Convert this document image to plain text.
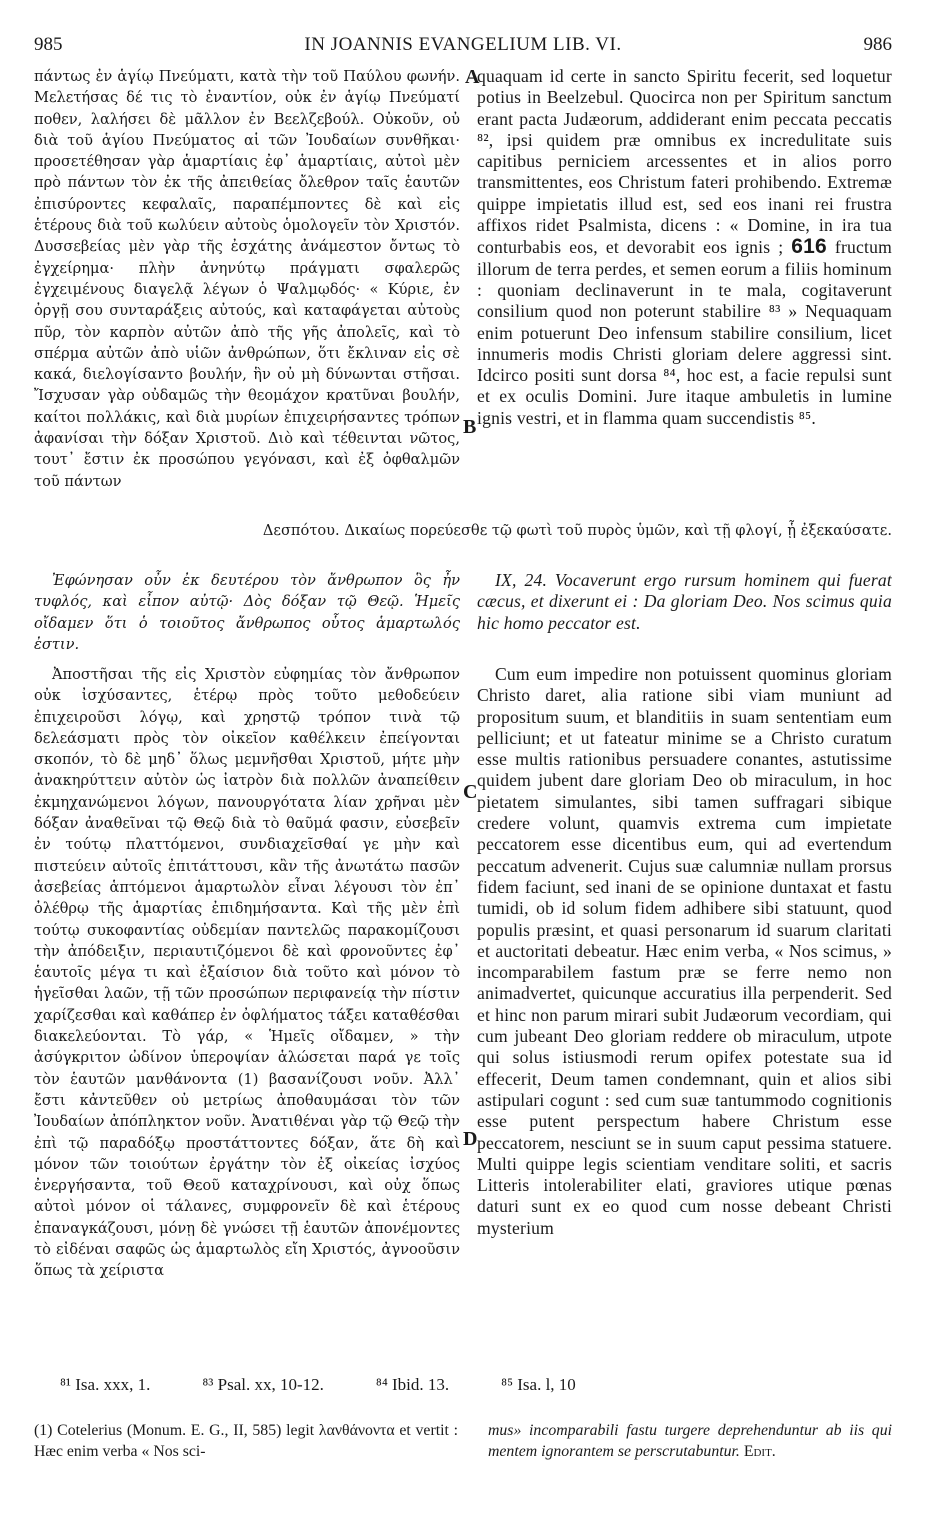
985	IN JOANNIS EVANGELIUM LIB. VI.	986

πάντως ἐν ἁγίῳ Πνεύματι, κατὰ τὴν τοῦ Παύλου φωνήν. Μελετήσας δέ τις τὸ ἐναντίον, οὐκ ἐν ἁγίῳ Πνεύματί ποθεν, λαλήσει δὲ μᾶλλον ἐν Βεελζεβούλ. Οὐκοῦν, οὐ διὰ τοῦ ἁγίου Πνεύματος αἱ τῶν Ἰουδαίων συνθῆκαι· προσετέθησαν γὰρ ἁμαρτίαις ἐφ᾽ ἁμαρτίαις, αὐτοὶ μὲν πρὸ πάντων τὸν ἐκ τῆς ἀπειθείας ὄλεθρον ταῖς ἑαυτῶν ἐπισύροντες κεφαλαῖς, παραπέμποντες δὲ καὶ εἰς ἑτέρους διὰ τοῦ κωλύειν αὐτοὺς ὁμολογεῖν τὸν Χριστόν. Δυσσεβείας μὲν γὰρ τῆς ἐσχάτης ἀνάμεστον ὄντως τὸ ἐγχείρημα· πλὴν ἀνηνύτῳ πράγματι σφαλερῶς ἐγχειμένους διαγελᾷ λέγων ὁ Ψαλμῳδός· « Κύριε, ἐν ὀργῇ σου συνταράξεις αὐτούς, καὶ καταφάγεται αὐτοὺς πῦρ, τὸν καρπὸν αὐτῶν ἀπὸ τῆς γῆς ἀπολεῖς, καὶ τὸ σπέρμα αὐτῶν ἀπὸ υἱῶν ἀνθρώπων, ὅτι ἔκλιναν εἰς σὲ κακά, διελογίσαντο βουλήν, ἣν οὐ μὴ δύνωνται στῆσαι. Ἴσχυσαν γὰρ οὐδαμῶς τὴν θεομάχον κρατῦναι βουλήν, καίτοι πολλάκις, καὶ διὰ μυρίων ἐπιχειρήσαντες τρόπων ἀφανίσαι τὴν δόξαν Χριστοῦ. Διὸ καὶ τέθεινται νῶτος, τουτ᾽ ἔστιν ἐκ προσώπου γεγόνασι, καὶ ἐξ ὀφθαλμῶν τοῦ πάντων

quaquam id certe in sancto Spiritu fecerit, sed loquetur potius in Beelzebul. Quocirca non per Spiritum sanctum erant pacta Judæorum, addiderant enim peccata peccatis ⁸², ipsi quidem præ omnibus ex incredulitate suis capitibus perniciem arcessentes et in alios porro transmittentes, eos Christum fateri prohibendo. Extremæ quippe impietatis illud est, sed eos inani rei frustra affixos ridet Psalmista, dicens : « Domine, in ira tua conturbabis eos, et devorabit eos ignis ; 616 fructum illorum de terra perdes, et semen eorum a filiis hominum : quoniam declinaverunt in te mala, cogitaverunt consilium quod non poterunt stabilire ⁸³ » Nequaquam enim potuerunt Deo infensum stabilire consilium, licet innumeris modis Christi gloriam delere aggressi sint. Idcirco positi sunt dorsa ⁸⁴, hoc est, a facie repulsi sunt et ex oculis Domini. Jure itaque ambuletis in lumine ignis vestri, et in flamma quam succendistis ⁸⁵.

Δεσπότου. Δικαίως πορεύεσθε τῷ φωτὶ τοῦ πυρὸς ὑμῶν, καὶ τῇ φλογί, ᾗ ἐξεκαύσατε.

Ἐφώνησαν οὖν ἐκ δευτέρου τὸν ἄνθρωπον ὃς ἦν τυφλός, καὶ εἶπον αὐτῷ· Δὸς δόξαν τῷ Θεῷ. Ἡμεῖς οἴδαμεν ὅτι ὁ τοιοῦτος ἄνθρωπος οὗτος ἁμαρτωλός ἐστιν.

IX, 24. Vocaverunt ergo rursum hominem qui fuerat cæcus, et dixerunt ei : Da gloriam Deo. Nos scimus quia hic homo peccator est.

Ἀποστῆσαι τῆς εἰς Χριστὸν εὐφημίας τὸν ἄνθρωπον οὐκ ἰσχύσαντες, ἑτέρῳ πρὸς τοῦτο μεθοδεύειν ἐπιχειροῦσι λόγῳ, καὶ χρηστῷ τρόπον τινὰ τῷ δελεάσματι πρὸς τὸν οἰκεῖον καθέλκειν ἐπείγονται σκοπόν, τὸ δὲ μηδ᾽ ὅλως μεμνῆσθαι Χριστοῦ, μήτε μὴν ἀνακηρύττειν αὐτὸν ὡς ἰατρὸν διὰ πολλῶν ἀναπείθειν ἐκμηχανώμενοι λόγων, πανουργότατα λίαν χρῆναι μὲν δόξαν ἀναθεῖναι τῷ Θεῷ διὰ τὸ θαῦμά φασιν, εὐσεβεῖν ἐν τούτῳ πλαττόμενοι, συνδιαχεῖσθαί γε μὴν καὶ πιστεύειν αὐτοῖς ἐπιτάττουσι, κἂν τῆς ἀνωτάτω πασῶν ἀσεβείας ἁπτόμενοι ἁμαρτωλὸν εἶναι λέγουσι τὸν ἐπ᾽ ὀλέθρῳ τῆς ἁμαρτίας ἐπιδημήσαντα. Καὶ τῆς μὲν ἐπὶ τούτῳ συκοφαντίας οὐδεμίαν παντελῶς παρακομίζουσι τὴν ἀπόδειξιν, περιαυτιζόμενοι δὲ καὶ φρονοῦντες ἐφ᾽ ἑαυτοῖς μέγα τι καὶ ἐξαίσιον διὰ τοῦτο καὶ μόνον τὸ ἡγεῖσθαι λαῶν, τῇ τῶν προσώπων περιφανείᾳ τὴν πίστιν χαρίζεσθαι καὶ καθάπερ ἐν ὀφλήματος τάξει καταθέσθαι διακελεύονται. Τὸ γάρ, « Ἡμεῖς οἴδαμεν, » τὴν ἀσύγκριτον ὠδίνον ὑπεροψίαν ἁλώσεται παρά γε τοῖς τὸν ἑαυτῶν μανθάνοντα (1) βασανίζουσι νοῦν. Ἀλλ᾽ ἔστι κἀντεῦθεν οὐ μετρίως ἀποθαυμάσαι τὸν τῶν Ἰουδαίων ἀπόπληκτον νοῦν. Ἀνατιθέναι γὰρ τῷ Θεῷ τὴν ἐπὶ τῷ παραδόξῳ προστάττοντες δόξαν, ἅτε δὴ καὶ μόνον τῶν τοιούτων ἐργάτην τὸν ἐξ οἰκείας ἰσχύος ἐνεργήσαντα, τοῦ Θεοῦ καταχρίνουσι, καὶ οὐχ ὅπως αὐτοὶ μόνον οἱ τάλανες, συμφρονεῖν δὲ καὶ ἑτέρους ἐπαναγκάζουσι, μόνῃ δὲ γνώσει τῇ ἑαυτῶν ἀπονέμοντες τὸ εἰδέναι σαφῶς ὡς ἁμαρτωλὸς εἴη Χριστός, ἀγνοοῦσιν ὅπως τὰ χείριστα

Cum eum impedire non potuissent quominus gloriam Christo daret, alia ratione sibi viam muniunt ad propositum suum, et blanditiis in suam sententiam eum pelliciunt; et ut fateatur minime se a Christo curatum esse multis rationibus persuadere conantes, astutissime quidem jubent dare gloriam Deo ob miraculum, in hoc pietatem simulantes, sibi tamen suffragari sibique credere volunt, quamvis extrema cum impietate peccatorem esse dicentibus eum, qui ad evertendum peccatum advenerit. Cujus suæ calumniæ nullam prorsus fidem faciunt, sed inani de se opinione duntaxat et fastu tumidi, ob id solum fidem adhibere sibi statuunt, quod populis præsint, et quasi personarum id suarum claritati et auctoritati debeatur. Hæc enim verba, « Nos scimus, » incomparabilem fastum præ se ferre nemo non animadvertet, quicunque accuratius illa perpenderit. Sed et hinc non parum mirari subit Judæorum vecordiam, qui cum jubeant Deo gloriam reddere ob miraculum, utpote qui solus istiusmodi rerum opifex potestate sua id effecerit, Deum tamen condemnant, quin et alios sibi astipulari cogunt : sed cum suæ tantummodo cognitionis esse putent perspectum habere Christum esse peccatorem, nesciunt se in suum caput pessima statuere. Multi quippe legis scientiam venditare soliti, et sacris Litteris intolerabiliter elati, graviores utique pœnas daturi sunt ex eo quod cum nosse debeant Christi mysterium

A
B
C
D
⁸¹ Isa. xxx, 1.	⁸³ Psal. xx, 10-12.	⁸⁴ Ibid. 13.	⁸⁵ Isa. l, 10
(1) Cotelerius (Monum. E. G., II, 585) legit λανθάνοντα et vertit : Hæc enim verba « Nos sci-
mus» incomparabili fastu turgere deprehenduntur ab iis qui mentem ignorantem se perscrutabuntur. Edit.
